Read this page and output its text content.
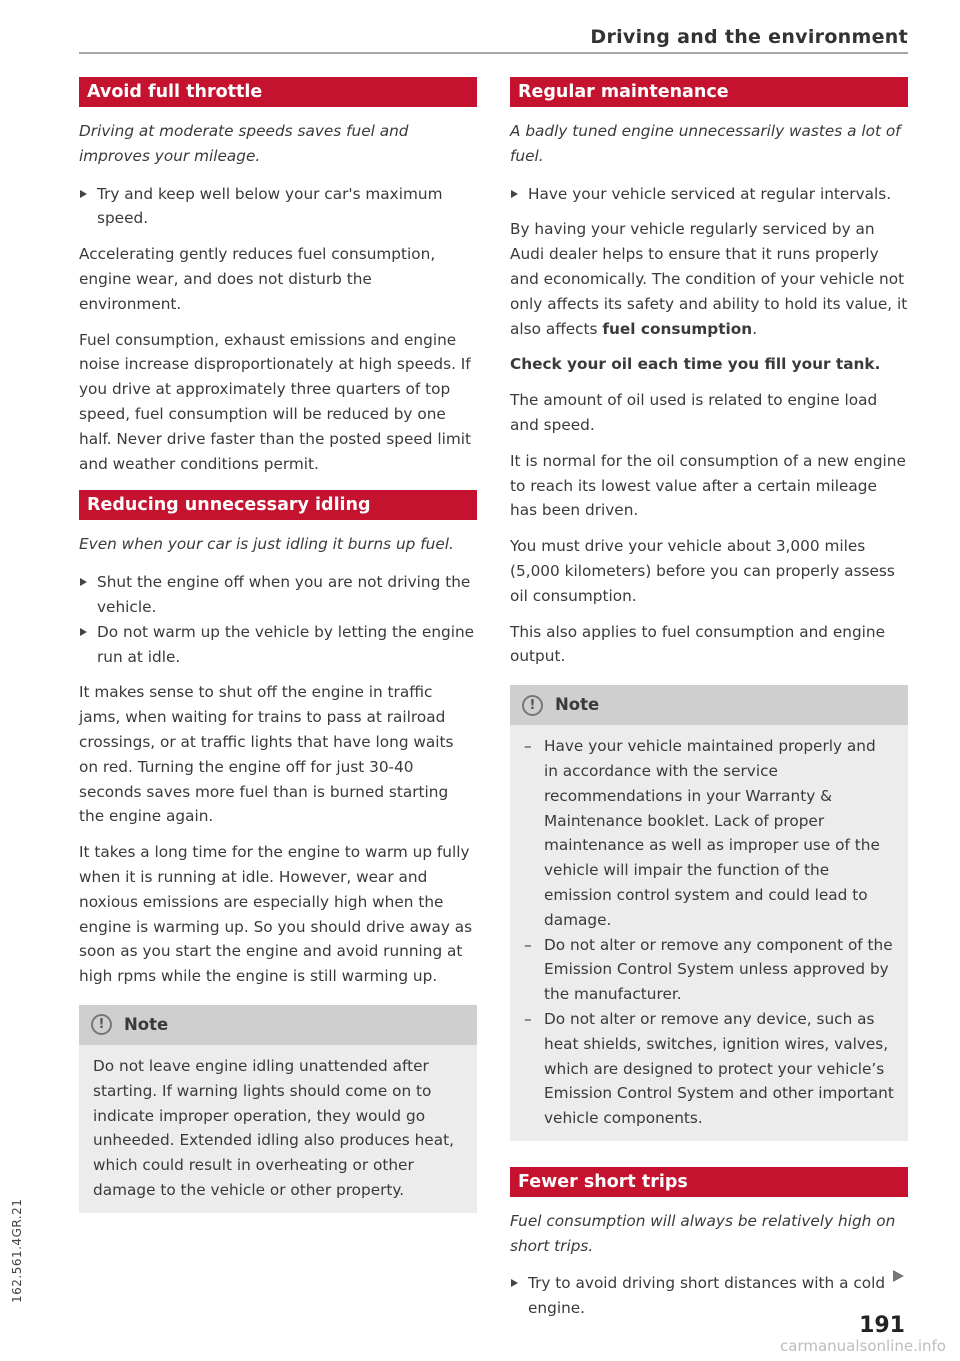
Driving and the environment
Avoid full throttle
Driving at moderate speeds saves fuel and improves your mileage.
Try and keep well below your car's maximum speed.

Accelerating gently reduces fuel consumption, engine wear, and does not disturb the environment.

Fuel consumption, exhaust emissions and engine noise increase disproportionately at high speeds. If you drive at approximately three quarters of top speed, fuel consumption will be reduced by one half. Never drive faster than the posted speed limit and weather conditions permit.

Reducing unnecessary idling
Even when your car is just idling it burns up fuel.
Shut the engine off when you are not driving the vehicle.
Do not warm up the vehicle by letting the engine run at idle.

It makes sense to shut off the engine in traffic jams, when waiting for trains to pass at railroad crossings, or at traffic lights that have long waits on red. Turning the engine off for just 30-40 seconds saves more fuel than is burned starting the engine again.

It takes a long time for the engine to warm up fully when it is running at idle. However, wear and noxious emissions are especially high when the engine is warming up. So you should drive away as soon as you start the engine and avoid running at high rpms while the engine is still warming up.

!	Note
Do not leave engine idling unattended after starting. If warning lights should come on to indicate improper operation, they would go unheeded. Extended idling also produces heat, which could result in overheating or other damage to the vehicle or other property.
Regular maintenance
A badly tuned engine unnecessarily wastes a lot of fuel.
Have your vehicle serviced at regular intervals.

By having your vehicle regularly serviced by an Audi dealer helps to ensure that it runs properly and economically. The condition of your vehicle not only affects its safety and ability to hold its value, it also affects fuel consumption.

Check your oil each time you fill your tank.

The amount of oil used is related to engine load and speed.

It is normal for the oil consumption of a new engine to reach its lowest value after a certain mileage has been driven.

You must drive your vehicle about 3,000 miles (5,000 kilometers) before you can properly assess oil consumption.

This also applies to fuel consumption and engine output.

!	Note
– Have your vehicle maintained properly and in accordance with the service recommendations in your Warranty & Maintenance booklet. Lack of proper maintenance as well as improper use of the vehicle will impair the function of the emission control system and could lead to damage.
– Do not alter or remove any component of the Emission Control System unless approved by the manufacturer.
– Do not alter or remove any device, such as heat shields, switches, ignition wires, valves, which are designed to protect your vehicle’s Emission Control System and other important vehicle components.
Fewer short trips
Fuel consumption will always be relatively high on short trips.
Try to avoid driving short distances with a cold engine.
162.561.4GR.21
191
carmanualsonline.info
